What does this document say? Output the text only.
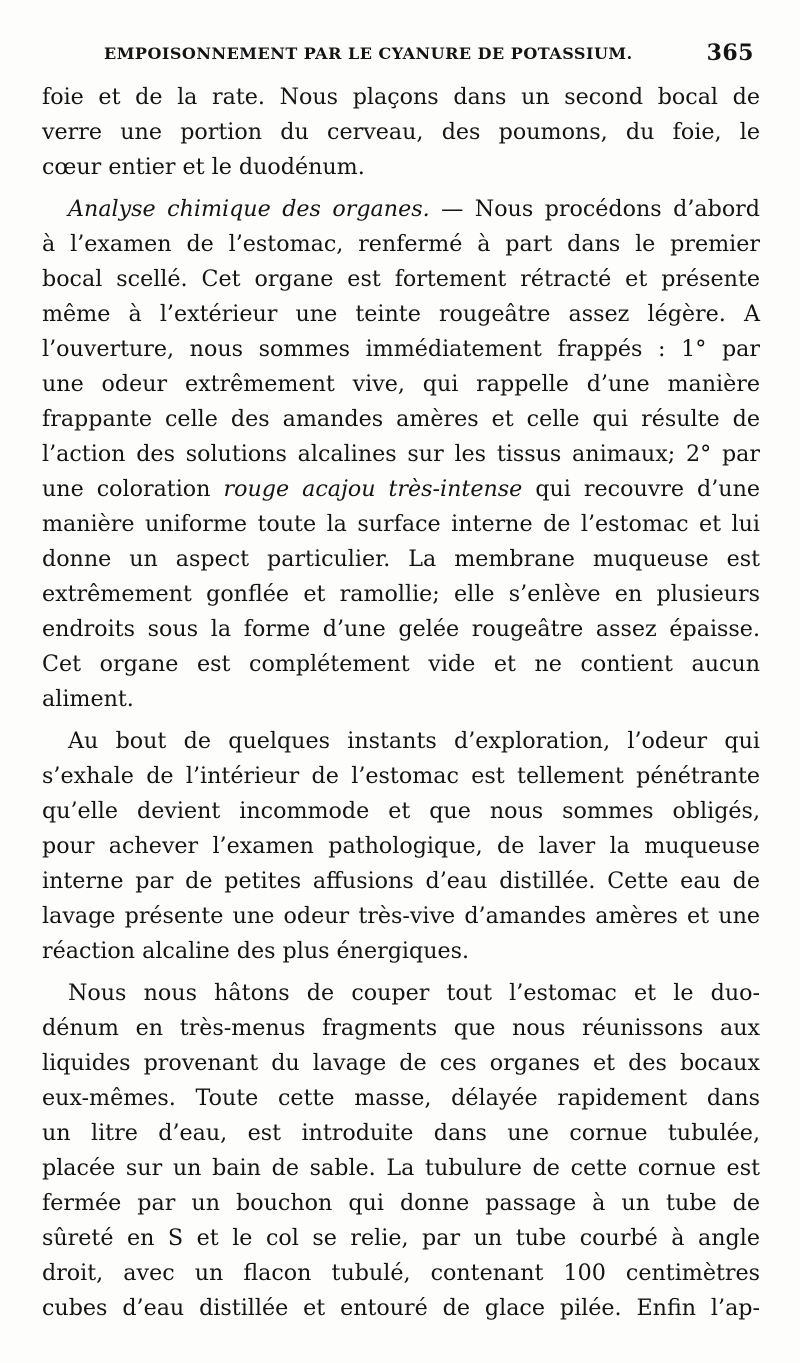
EMPOISONNEMENT PAR LE CYANURE DE POTASSIUM.	365
foie et de la rate. Nous plaçons dans un second bocal de
verre une portion du cerveau, des poumons, du foie, le
cœur entier et le duodénum.
Analyse chimique des organes. — Nous procédons d’abord
à l’examen de l’estomac, renfermé à part dans le premier
bocal scellé. Cet organe est fortement rétracté et présente
même à l’extérieur une teinte rougeâtre assez légère. A
l’ouverture, nous sommes immédiatement frappés : 1° par
une odeur extrêmement vive, qui rappelle d’une manière
frappante celle des amandes amères et celle qui résulte de
l’action des solutions alcalines sur les tissus animaux; 2° par
une coloration rouge acajou très-intense qui recouvre d’une
manière uniforme toute la surface interne de l’estomac et lui
donne un aspect particulier. La membrane muqueuse est
extrêmement gonflée et ramollie; elle s’enlève en plusieurs
endroits sous la forme d’une gelée rougeâtre assez épaisse.
Cet organe est complétement vide et ne contient aucun
aliment.
Au bout de quelques instants d’exploration, l’odeur qui
s’exhale de l’intérieur de l’estomac est tellement pénétrante
qu’elle devient incommode et que nous sommes obligés,
pour achever l’examen pathologique, de laver la muqueuse
interne par de petites affusions d’eau distillée. Cette eau de
lavage présente une odeur très-vive d’amandes amères et une
réaction alcaline des plus énergiques.
Nous nous hâtons de couper tout l’estomac et le duo-
dénum en très-menus fragments que nous réunissons aux
liquides provenant du lavage de ces organes et des bocaux
eux-mêmes. Toute cette masse, délayée rapidement dans
un litre d’eau, est introduite dans une cornue tubulée,
placée sur un bain de sable. La tubulure de cette cornue est
fermée par un bouchon qui donne passage à un tube de
sûreté en S et le col se relie, par un tube courbé à angle
droit, avec un flacon tubulé, contenant 100 centimètres
cubes d’eau distillée et entouré de glace pilée. Enfin l’ap-
